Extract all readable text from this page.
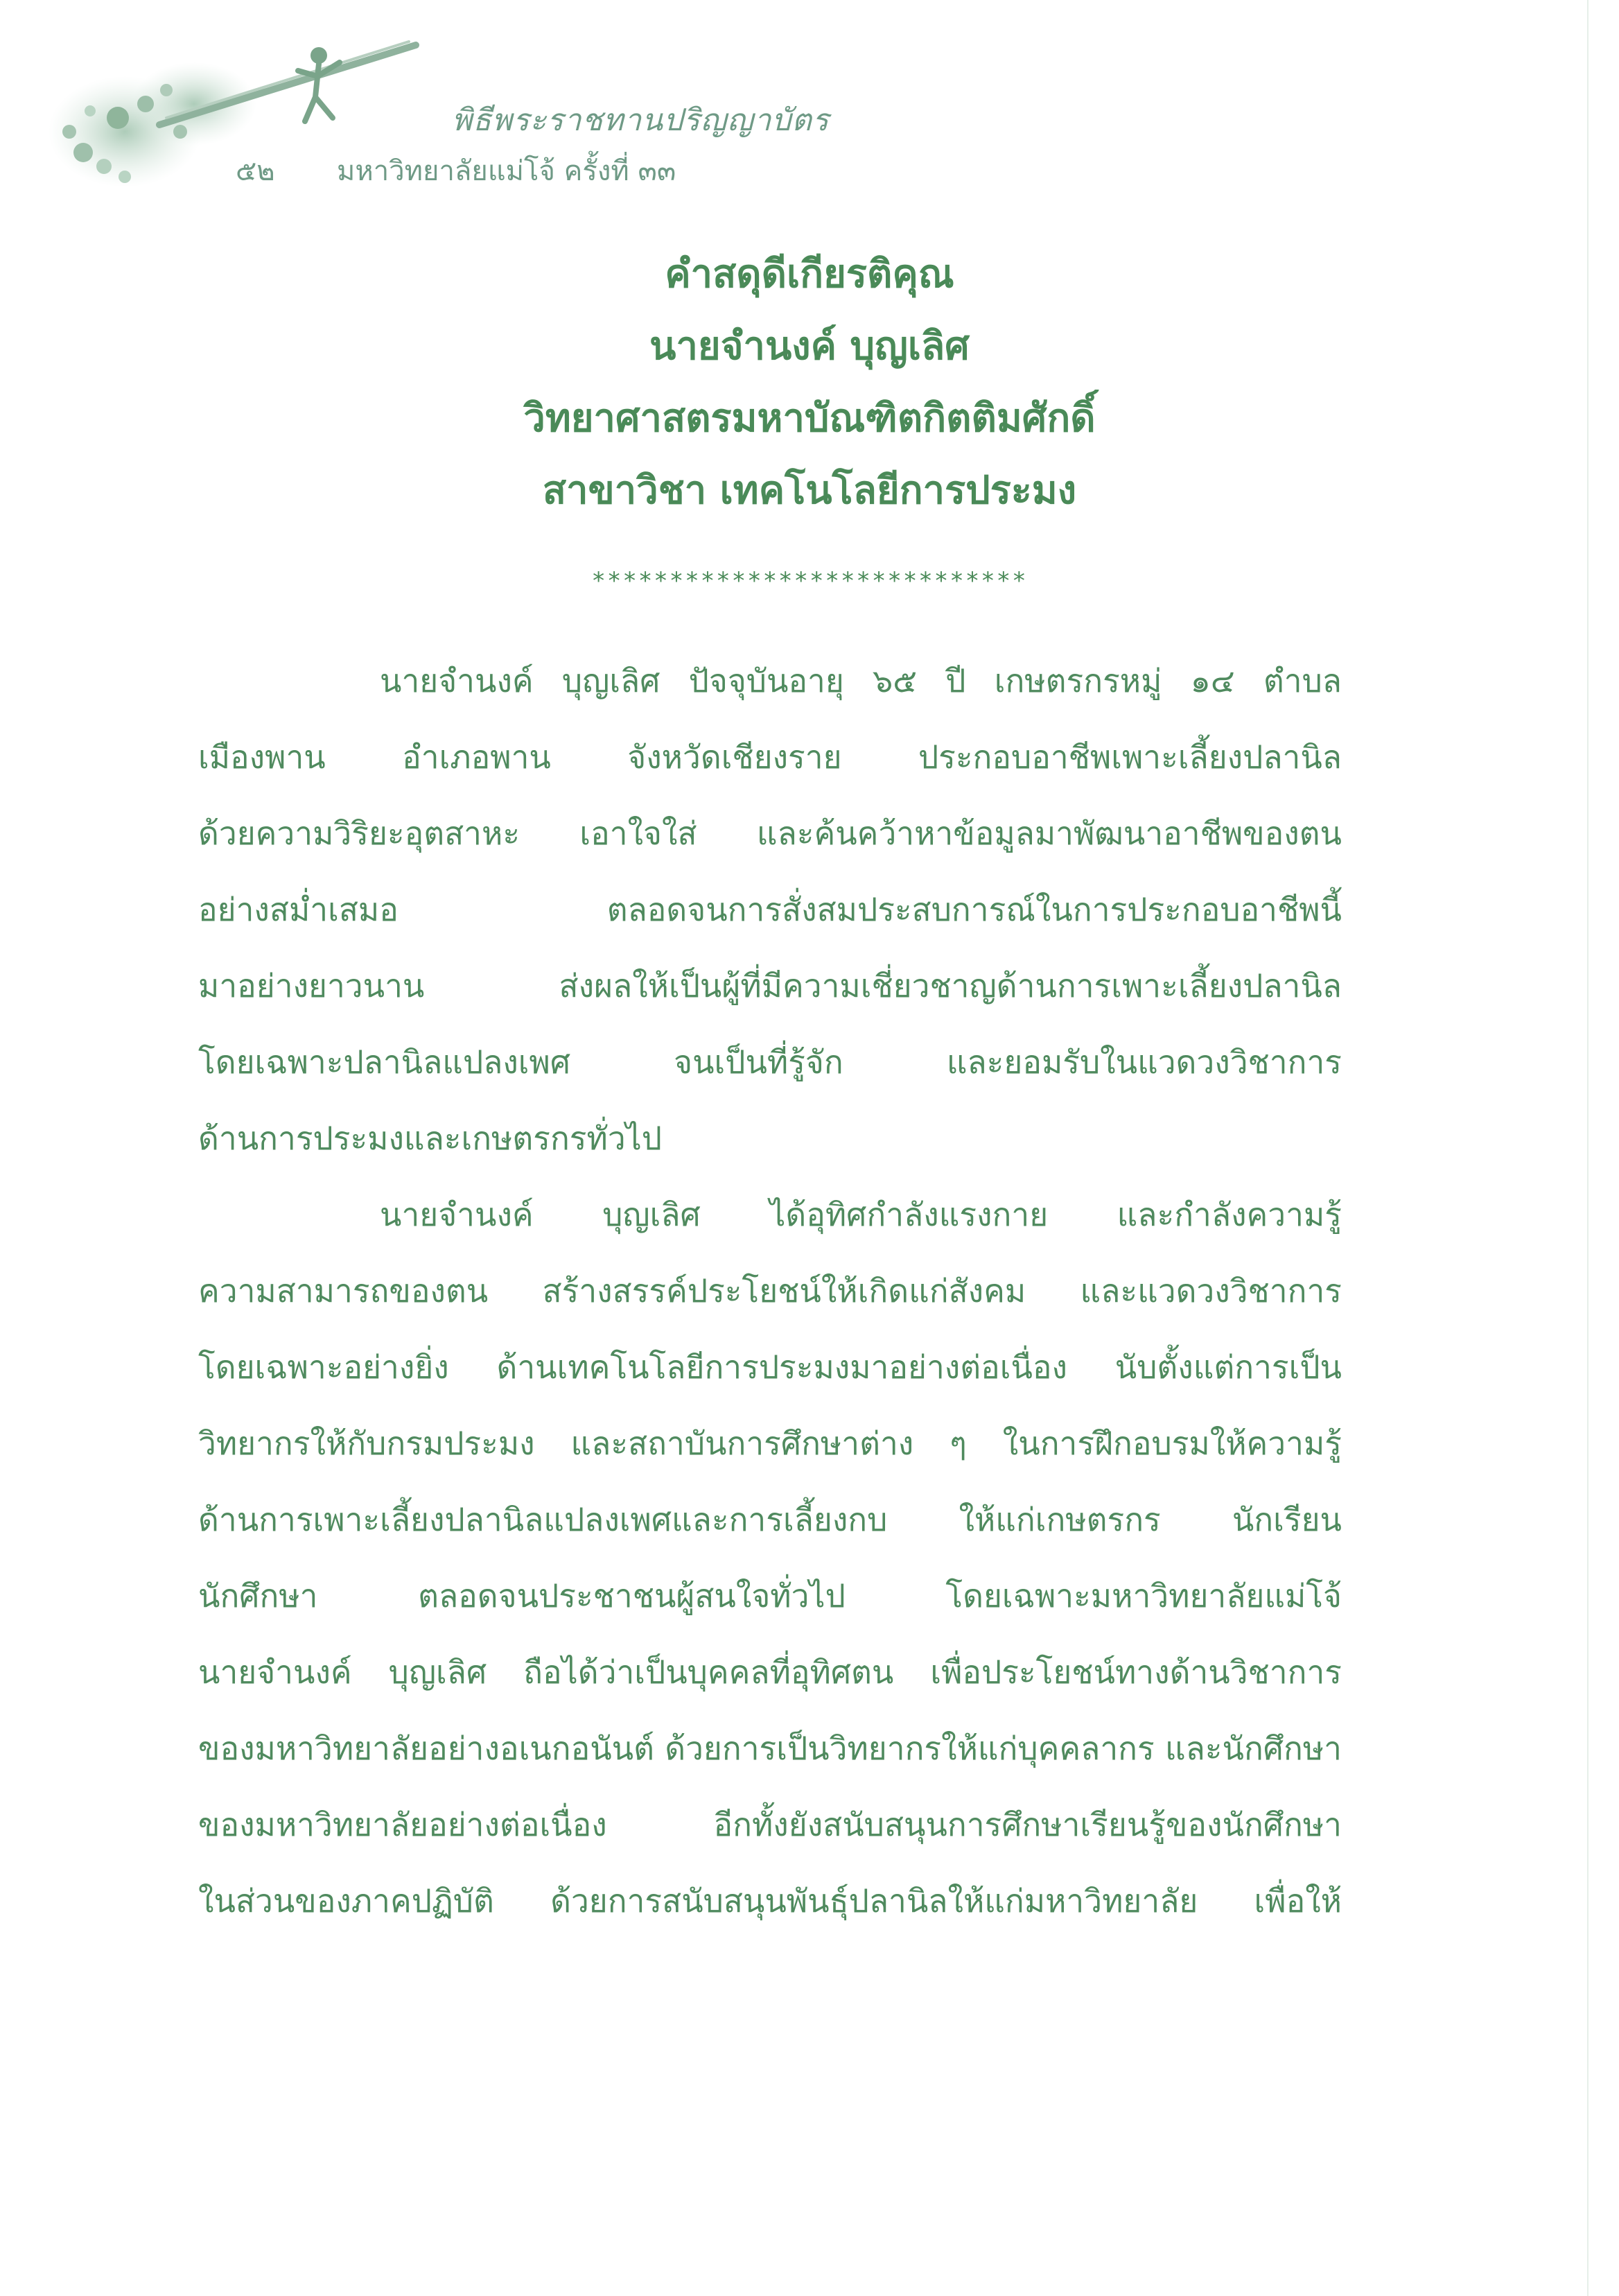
พิธีพระราชทานปริญญาบัตร
๕๒ มหาวิทยาลัยแม่โจ้ ครั้งที่ ๓๓
คำสดุดีเกียรติคุณ
นายจำนงค์ บุญเลิศ
วิทยาศาสตรมหาบัณฑิตกิตติมศักดิ์
สาขาวิชา เทคโนโลยีการประมง
****************************
นายจำนงค์ บุญเลิศ ปัจจุบันอายุ ๖๕ ปี เกษตรกรหมู่ ๑๔ ตำบล
เมืองพาน อำเภอพาน จังหวัดเชียงราย ประกอบอาชีพเพาะเลี้ยงปลานิล
ด้วยความวิริยะอุตสาหะ เอาใจใส่ และค้นคว้าหาข้อมูลมาพัฒนาอาชีพของตน
อย่างสม่ำเสมอ ตลอดจนการสั่งสมประสบการณ์ในการประกอบอาชีพนี้
มาอย่างยาวนาน ส่งผลให้เป็นผู้ที่มีความเชี่ยวชาญด้านการเพาะเลี้ยงปลานิล
โดยเฉพาะปลานิลแปลงเพศ จนเป็นที่รู้จัก และยอมรับในแวดวงวิชาการ
ด้านการประมงและเกษตรกรทั่วไป
นายจำนงค์ บุญเลิศ ได้อุทิศกำลังแรงกาย และกำลังความรู้
ความสามารถของตน สร้างสรรค์ประโยชน์ให้เกิดแก่สังคม และแวดวงวิชาการ
โดยเฉพาะอย่างยิ่ง ด้านเทคโนโลยีการประมงมาอย่างต่อเนื่อง นับตั้งแต่การเป็น
วิทยากรให้กับกรมประมง และสถาบันการศึกษาต่าง ๆ ในการฝึกอบรมให้ความรู้
ด้านการเพาะเลี้ยงปลานิลแปลงเพศและการเลี้ยงกบ ให้แก่เกษตรกร นักเรียน
นักศึกษา ตลอดจนประชาชนผู้สนใจทั่วไป โดยเฉพาะมหาวิทยาลัยแม่โจ้
นายจำนงค์ บุญเลิศ ถือได้ว่าเป็นบุคคลที่อุทิศตน เพื่อประโยชน์ทางด้านวิชาการ
ของมหาวิทยาลัยอย่างอเนกอนันต์ ด้วยการเป็นวิทยากรให้แก่บุคคลากร และนักศึกษา
ของมหาวิทยาลัยอย่างต่อเนื่อง อีกทั้งยังสนับสนุนการศึกษาเรียนรู้ของนักศึกษา
ในส่วนของภาคปฏิบัติ ด้วยการสนับสนุนพันธุ์ปลานิลให้แก่มหาวิทยาลัย เพื่อให้
